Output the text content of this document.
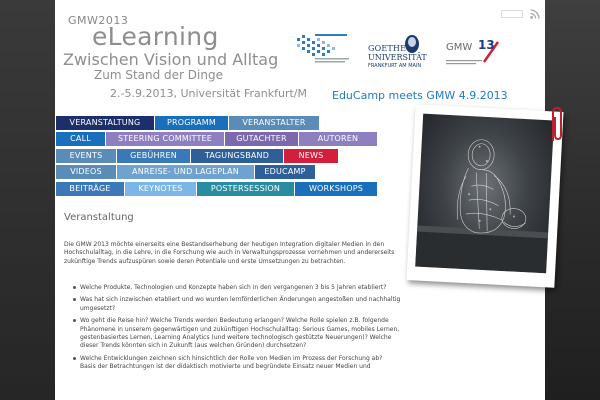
GMW2013
eLearning
Zwischen Vision und Alltag
Zum Stand der Dinge
2.-5.9.2013, Universität Frankfurt/M
GOETHE
UNIVERSITÄT
FRANKFURT AM MAIN
GMW 13
EduCamp meets GMW 4.9.2013
VERANSTALTUNG	PROGRAMM	VERANSTALTER
CALL	STEERING COMMITTEE	GUTACHTER	AUTOREN
EVENTS	GEBÜHREN	TAGUNGSBAND	NEWS
VIDEOS	ANREISE- UND LAGEPLAN	EDUCAMP
BEITRÄGE	KEYNOTES	POSTERSESSION	WORKSHOPS
Veranstaltung

Die GMW 2013 möchte einerseits eine Bestandserhebung der heutigen Integration digitaler Medien in den Hochschulalltag, in die Lehre, in die Forschung wie auch in Verwaltungsprozesse vornehmen und andererseits zukünftige Trends aufzuspüren sowie deren Potentiale und erste Umsetzungen zu betrachten.

Welche Produkte, Technologien und Konzepte haben sich in den vergangenen 3 bis 5 Jahren etabliert?
Was hat sich inzwischen etabliert und wo wurden lernförderlichen Änderungen angestoßen und nachhaltig umgesetzt?
Wo geht die Reise hin? Welche Trends werden Bedeutung erlangen? Welche Rolle spielen z.B. folgende Phänomene in unserem gegenwärtigen und zukünftigen Hochschulalltag: Serious Games, mobiles Lernen, gestenbasiertes Lernen, Learning Analytics (und weitere technologisch gestützte Neuerungen)? Welche dieser Trends könnten sich in Zukunft (aus welchen Gründen) durchsetzen?
Welche Entwicklungen zeichnen sich hinsichtlich der Rolle von Medien im Prozess der Forschung ab?
Basis der Betrachtungen ist der didaktisch motivierte und begründete Einsatz neuer Medien und
